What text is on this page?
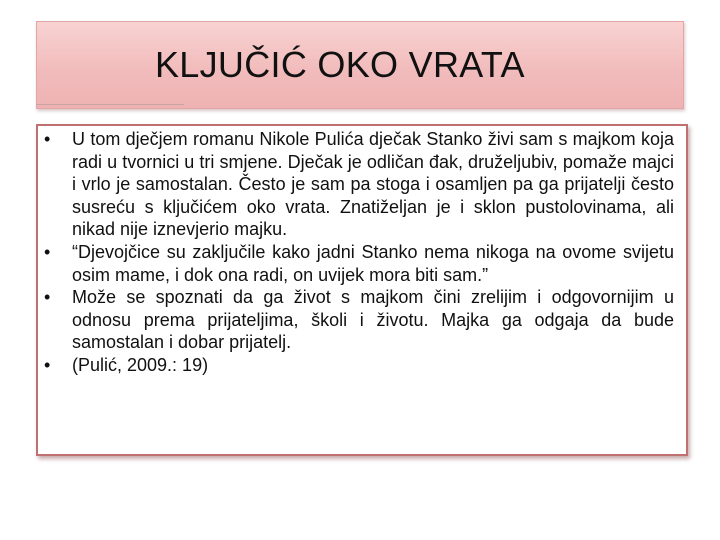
KLJUČIĆ OKO VRATA
• U tom dječjem romanu Nikole Pulića dječak Stanko živi sam s majkom koja radi u tvornici u tri smjene. Dječak je odličan đak, druželjubiv, pomaže majci i vrlo je samostalan. Često je sam pa stoga i osamljen pa ga prijatelji često susreću s ključićem oko vrata. Znatiželjan je i sklon pustolovinama, ali nikad nije iznevjerio majku.
• “Djevojčice su zaključile kako jadni Stanko nema nikoga na ovome svijetu osim mame, i dok ona radi, on uvijek mora biti sam.”
• Može se spoznati da ga život s majkom čini zrelijim i odgovornijim u odnosu prema prijateljima, školi i životu. Majka ga odgaja da bude samostalan i dobar prijatelj.
• (Pulić, 2009.: 19)
